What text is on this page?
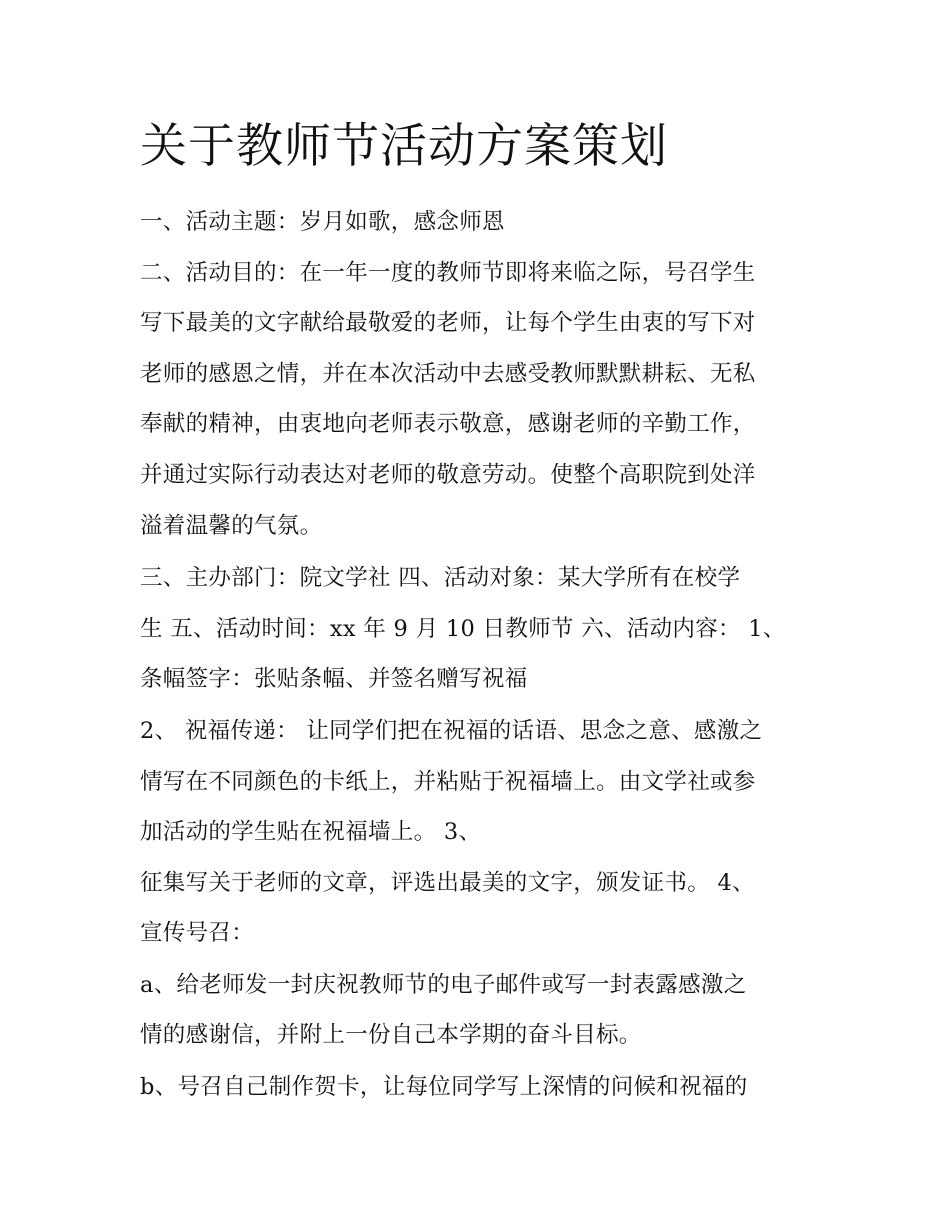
关于教师节活动方案策划
一、活动主题：岁月如歌，感念师恩
二、活动目的：在一年一度的教师节即将来临之际，号召学生
写下最美的文字献给最敬爱的老师，让每个学生由衷的写下对
老师的感恩之情，并在本次活动中去感受教师默默耕耘、无私
奉献的精神，由衷地向老师表示敬意，感谢老师的辛勤工作，
并通过实际行动表达对老师的敬意劳动。使整个高职院到处洋
溢着温馨的气氛。
三、主办部门：院文学社 四、活动对象：某大学所有在校学
生 五、活动时间：xx 年 9 月 10 日教师节 六、活动内容： 1、
条幅签字：张贴条幅、并签名赠写祝福
2、 祝福传递： 让同学们把在祝福的话语、思念之意、感激之
情写在不同颜色的卡纸上，并粘贴于祝福墙上。由文学社或参
加活动的学生贴在祝福墙上。 3、
征集写关于老师的文章，评选出最美的文字，颁发证书。 4、
宣传号召：
a、给老师发一封庆祝教师节的电子邮件或写一封表露感激之
情的感谢信，并附上一份自己本学期的奋斗目标。
b、号召自己制作贺卡，让每位同学写上深情的问候和祝福的
